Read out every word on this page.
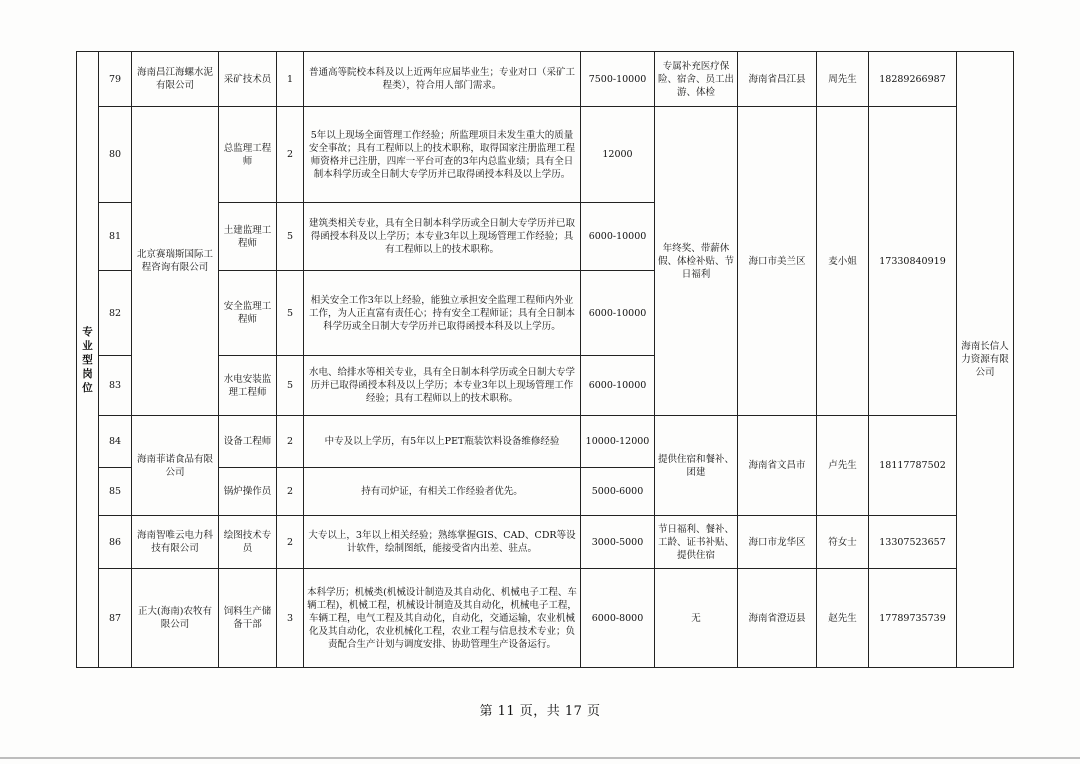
专业型岗位	79	海南昌江海螺水泥有限公司	采矿技术员	1	普通高等院校本科及以上近两年应届毕业生；专业对口（采矿工程类），符合用人部门需求。	7500-10000	专属补充医疗保险、宿舍、员工出游、体检	海南省昌江县	周先生	18289266987	海南长信人力资源有限公司
	80	北京赛瑞斯国际工程咨询有限公司	总监理工程师	2	5年以上现场全面管理工作经验；所监理项目未发生重大的质量安全事故；具有工程师以上的技术职称，取得国家注册监理工程师资格并已注册，四库一平台可查的3年内总监业绩；具有全日制本科学历或全日制大专学历并已取得函授本科及以上学历。	12000	年终奖、带薪休假、体检补贴、节日福利	海口市美兰区	麦小姐	17330840919	
	81		土建监理工程师	5	建筑类相关专业，具有全日制本科学历或全日制大专学历并已取得函授本科及以上学历；本专业3年以上现场管理工作经验；具有工程师以上的技术职称。	6000-10000					
	82		安全监理工程师	5	相关安全工作3年以上经验，能独立承担安全监理工程师内外业工作，为人正直富有责任心；持有安全工程师证；具有全日制本科学历或全日制大专学历并已取得函授本科及以上学历。	6000-10000					
	83		水电安装监理工程师	5	水电、给排水等相关专业，具有全日制本科学历或全日制大专学历并已取得函授本科及以上学历；本专业3年以上现场管理工作经验；具有工程师以上的技术职称。	6000-10000					
	84	海南菲诺食品有限公司	设备工程师	2	中专及以上学历，有5年以上PET瓶装饮料设备维修经验	10000-12000	提供住宿和餐补、团建	海南省文昌市	卢先生	18117787502	
	85		锅炉操作员	2	持有司炉证，有相关工作经验者优先。	5000-6000					
	86	海南智唯云电力科技有限公司	绘图技术专员	2	大专以上，3年以上相关经验；熟练掌握GIS、CAD、CDR等设计软件，绘制图纸，能接受省内出差、驻点。	3000-5000	节日福利、餐补、工龄、证书补贴、提供住宿	海口市龙华区	符女士	13307523657	
	87	正大(海南)农牧有限公司	饲料生产储备干部	3	本科学历；机械类(机械设计制造及其自动化、机械电子工程、车辆工程)，机械工程，机械设计制造及其自动化，机械电子工程，车辆工程，电气工程及其自动化，自动化，交通运输，农业机械化及其自动化，农业机械化工程，农业工程与信息技术专业；负责配合生产计划与调度安排、协助管理生产设备运行。	6000-8000	无	海南省澄迈县	赵先生	17789735739	
第 11 页，共 17 页
